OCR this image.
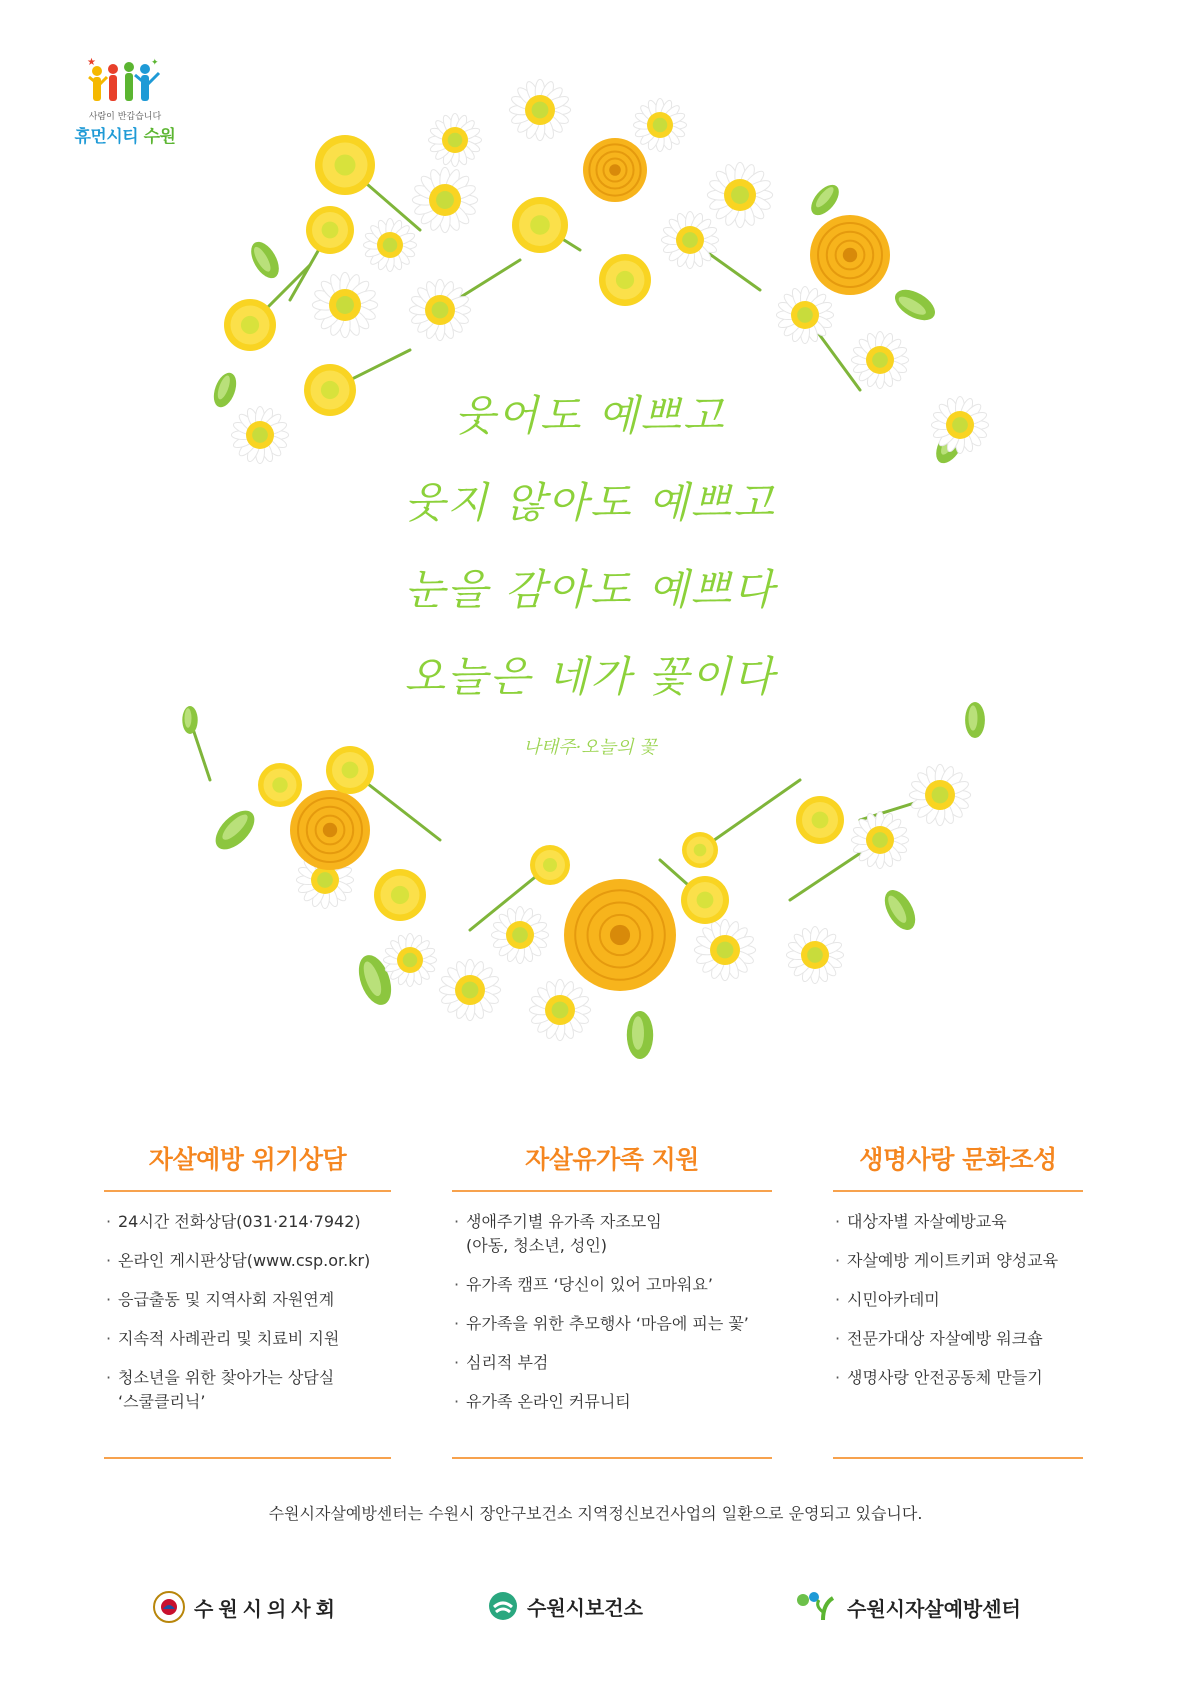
★	✦
사람이 반갑습니다
휴먼시티 수원
웃어도 예쁘고
웃지 않아도 예쁘고
눈을 감아도 예쁘다
오늘은 네가 꽃이다
나태주·오늘의 꽃
자살예방 위기상담
· 24시간 전화상담(031·214·7942)
· 온라인 게시판상담(www.csp.or.kr)
· 응급출동 및 지역사회 자원연계
· 지속적 사례관리 및 치료비 지원
· 청소년을 위한 찾아가는 상담실
‘스쿨클리닉’
자살유가족 지원
· 생애주기별 유가족 자조모임
(아동, 청소년, 성인)
· 유가족 캠프 ‘당신이 있어 고마워요’
· 유가족을 위한 추모행사 ‘마음에 피는 꽃’
· 심리적 부검
· 유가족 온라인 커뮤니티
생명사랑 문화조성
· 대상자별 자살예방교육
· 자살예방 게이트키퍼 양성교육
· 시민아카데미
· 전문가대상 자살예방 워크숍
· 생명사랑 안전공동체 만들기
수원시자살예방센터는 수원시 장안구보건소 지역정신보건사업의 일환으로 운영되고 있습니다.
수원시의사회	수원시보건소	수원시자살예방센터
